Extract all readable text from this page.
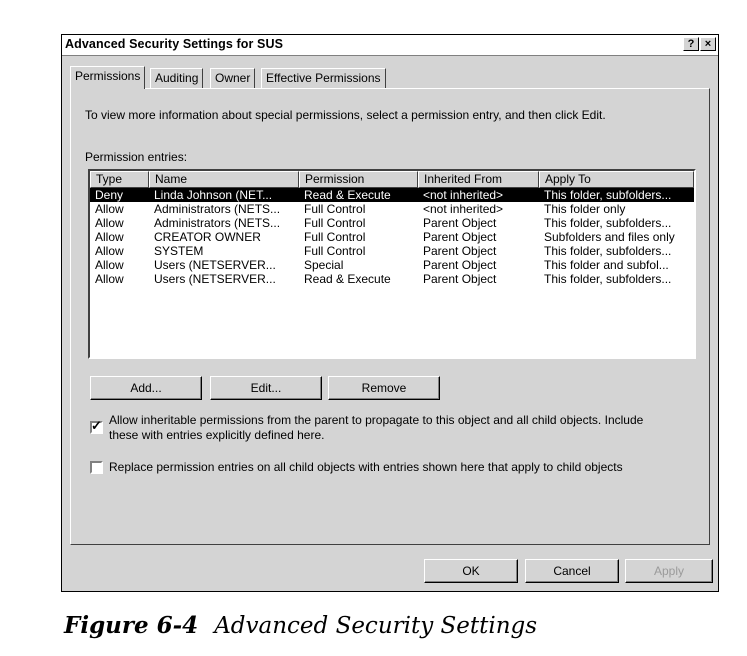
Advanced Security Settings for SUS	? ×
Permissions	Auditing	Owner	Effective Permissions
To view more information about special permissions, select a permission entry, and then click Edit.
Permission entries:
Type	Name	Permission	Inherited From	Apply To
Deny	Linda Johnson (NET...	Read & Execute	<not inherited>	This folder, subfolders...
Allow	Administrators (NETS...	Full Control	<not inherited>	This folder only
Allow	Administrators (NETS...	Full Control	Parent Object	This folder, subfolders...
Allow	CREATOR OWNER	Full Control	Parent Object	Subfolders and files only
Allow	SYSTEM	Full Control	Parent Object	This folder, subfolders...
Allow	Users (NETSERVER...	Special	Parent Object	This folder and subfol...
Allow	Users (NETSERVER...	Read & Execute	Parent Object	This folder, subfolders...
Add...	Edit...	Remove
✓ Allow inheritable permissions from the parent to propagate to this object and all child objects. Include
these with entries explicitly defined here.
Replace permission entries on all child objects with entries shown here that apply to child objects
OK	Cancel	Apply
Figure 6-4 Advanced Security Settings
